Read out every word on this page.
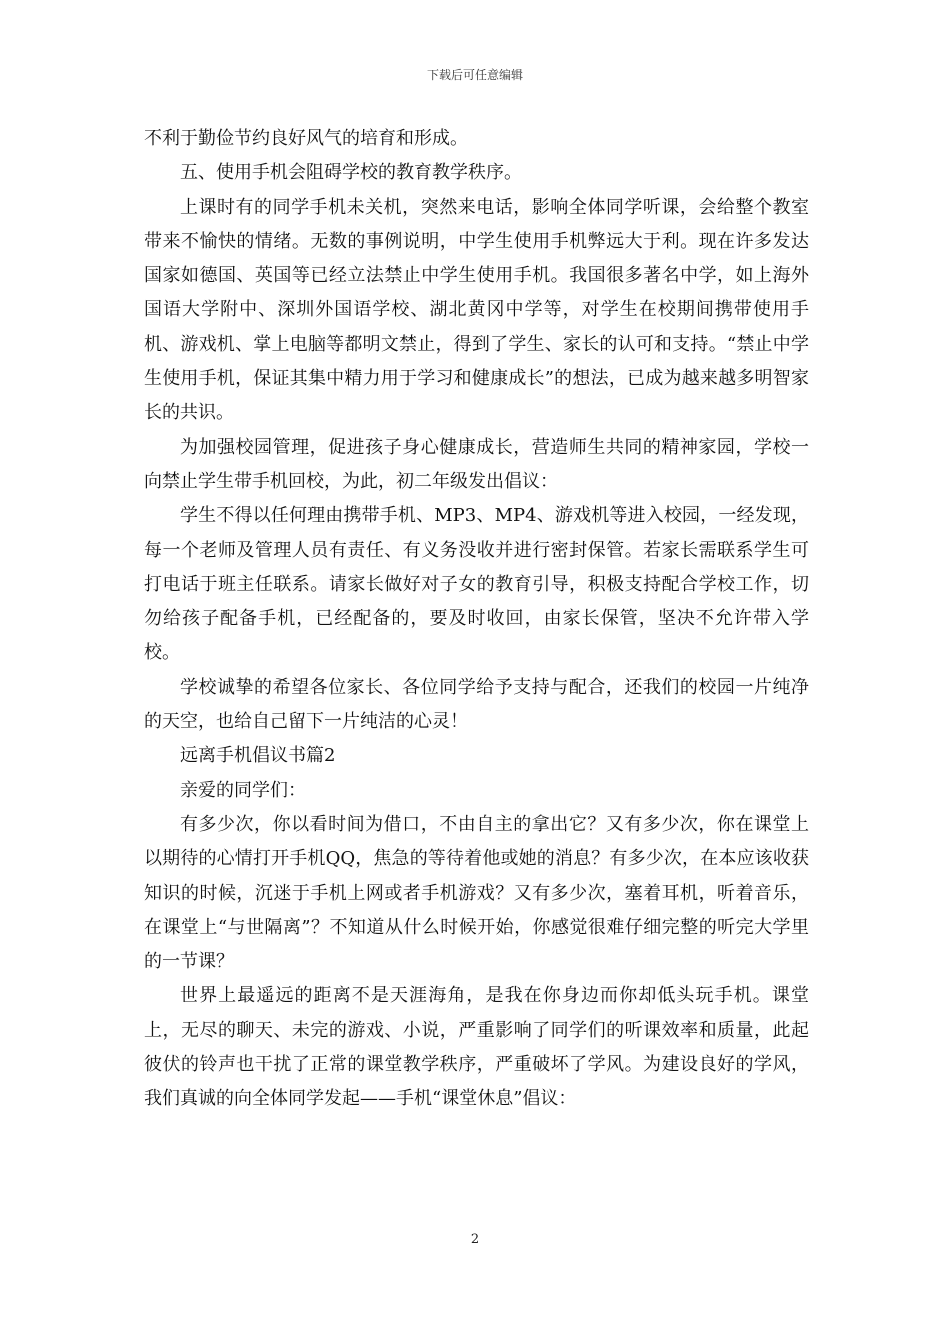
下载后可任意编辑

不利于勤俭节约良好风气的培育和形成。

五、使用手机会阻碍学校的教育教学秩序。

上课时有的同学手机未关机，突然来电话，影响全体同学听课，会给整个教室带来不愉快的情绪。无数的事例说明，中学生使用手机弊远大于利。现在许多发达国家如德国、英国等已经立法禁止中学生使用手机。我国很多著名中学，如上海外国语大学附中、深圳外国语学校、湖北黄冈中学等，对学生在校期间携带使用手机、游戏机、掌上电脑等都明文禁止，得到了学生、家长的认可和支持。“禁止中学生使用手机，保证其集中精力用于学习和健康成长”的想法，已成为越来越多明智家长的共识。

为加强校园管理，促进孩子身心健康成长，营造师生共同的精神家园，学校一向禁止学生带手机回校，为此，初二年级发出倡议：

学生不得以任何理由携带手机、MP3、MP4、游戏机等进入校园，一经发现，每一个老师及管理人员有责任、有义务没收并进行密封保管。若家长需联系学生可打电话于班主任联系。请家长做好对子女的教育引导，积极支持配合学校工作，切勿给孩子配备手机，已经配备的，要及时收回，由家长保管，坚决不允许带入学校。

学校诚挚的希望各位家长、各位同学给予支持与配合，还我们的校园一片纯净的天空，也给自己留下一片纯洁的心灵！

远离手机倡议书篇2

亲爱的同学们：

有多少次，你以看时间为借口，不由自主的拿出它？又有多少次，你在课堂上以期待的心情打开手机QQ，焦急的等待着他或她的消息？有多少次，在本应该收获知识的时候，沉迷于手机上网或者手机游戏？又有多少次，塞着耳机，听着音乐，在课堂上“与世隔离”？不知道从什么时候开始，你感觉很难仔细完整的听完大学里的一节课？

世界上最遥远的距离不是天涯海角，是我在你身边而你却低头玩手机。课堂上，无尽的聊天、未完的游戏、小说，严重影响了同学们的听课效率和质量，此起彼伏的铃声也干扰了正常的课堂教学秩序，严重破坏了学风。为建设良好的学风，我们真诚的向全体同学发起——手机“课堂休息”倡议：

2
